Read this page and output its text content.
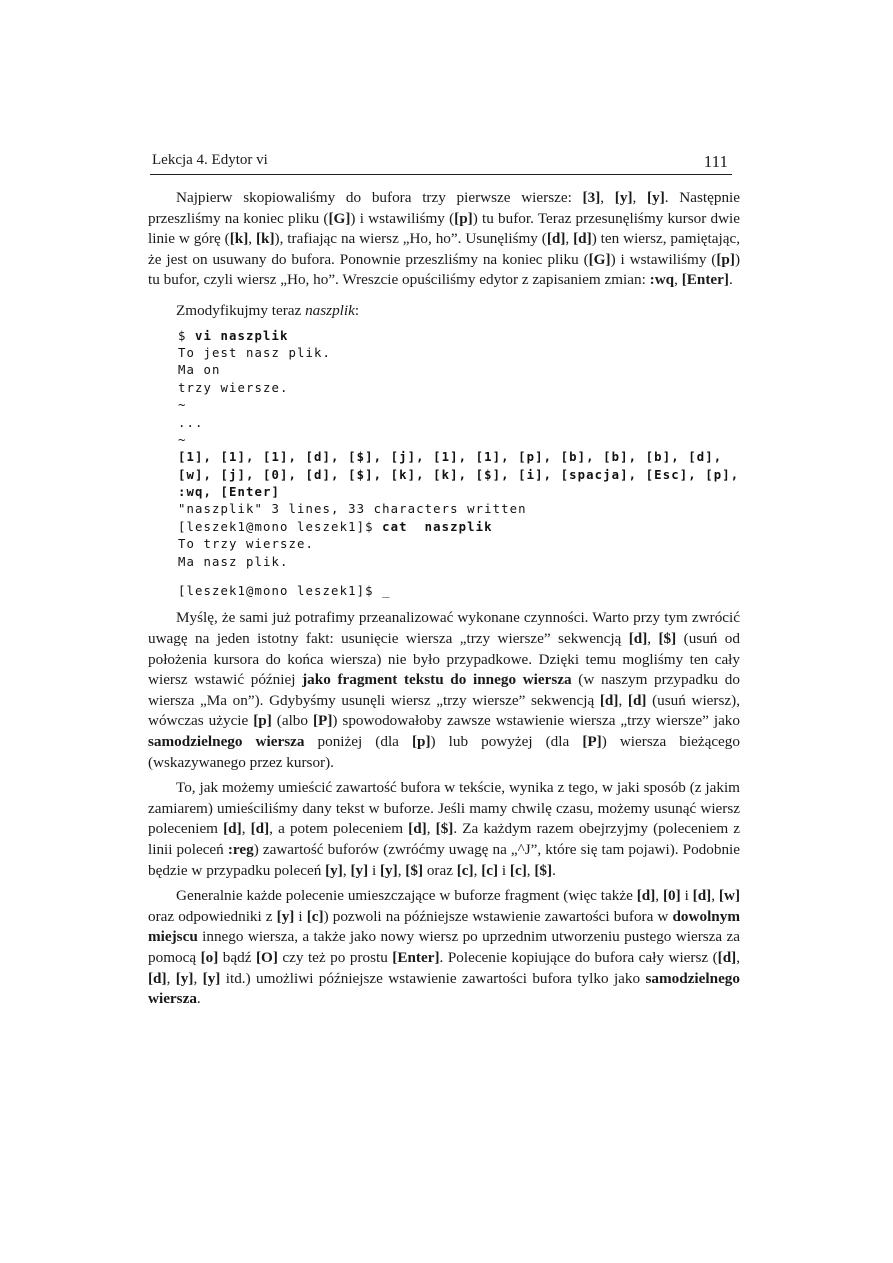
Lekcja 4. Edytor vi	111

Najpierw skopiowaliśmy do bufora trzy pierwsze wiersze: [3], [y], [y]. Następnie przeszliśmy na koniec pliku ([G]) i wstawiliśmy ([p]) tu bufor. Teraz przesunęliśmy kursor dwie linie w górę ([k], [k]), trafiając na wiersz „Ho, ho”. Usunęliśmy ([d], [d]) ten wiersz, pamiętając, że jest on usuwany do bufora. Ponownie przeszliśmy na koniec pliku ([G]) i wstawiliśmy ([p]) tu bufor, czyli wiersz „Ho, ho”. Wreszcie opuściliśmy edytor z zapisaniem zmian: :wq, [Enter].

Zmodyfikujmy teraz naszplik:

$ vi naszplik
To jest nasz plik.
Ma on
trzy wiersze.
~
...
~
[1], [1], [1], [d], [$], [j], [1], [1], [p], [b], [b], [b], [d],
[w], [j], [0], [d], [$], [k], [k], [$], [i], [spacja], [Esc], [p],
:wq, [Enter]
"naszplik" 3 lines, 33 characters written
[leszek1@mono leszek1]$ cat  naszplik
To trzy wiersze.
Ma nasz plik.
[leszek1@mono leszek1]$ _

Myślę, że sami już potrafimy przeanalizować wykonane czynności. Warto przy tym zwrócić uwagę na jeden istotny fakt: usunięcie wiersza „trzy wiersze” sekwencją [d], [$] (usuń od położenia kursora do końca wiersza) nie było przypadkowe. Dzięki temu mogliśmy ten cały wiersz wstawić później jako fragment tekstu do innego wiersza (w naszym przypadku do wiersza „Ma on”). Gdybyśmy usunęli wiersz „trzy wiersze” sekwencją [d], [d] (usuń wiersz), wówczas użycie [p] (albo [P]) spowodowałoby zawsze wstawienie wiersza „trzy wiersze” jako samodzielnego wiersza poniżej (dla [p]) lub powyżej (dla [P]) wiersza bieżącego (wskazywanego przez kursor).

To, jak możemy umieścić zawartość bufora w tekście, wynika z tego, w jaki sposób (z jakim zamiarem) umieściliśmy dany tekst w buforze. Jeśli mamy chwilę czasu, możemy usunąć wiersz poleceniem [d], [d], a potem poleceniem [d], [$]. Za każdym razem obejrzyjmy (poleceniem z linii poleceń :reg) zawartość buforów (zwróćmy uwagę na „^J”, które się tam pojawi). Podobnie będzie w przypadku poleceń [y], [y] i [y], [$] oraz [c], [c] i [c], [$].

Generalnie każde polecenie umieszczające w buforze fragment (więc także [d], [0] i [d], [w] oraz odpowiedniki z [y] i [c]) pozwoli na późniejsze wstawienie zawartości bufora w dowolnym miejscu innego wiersza, a także jako nowy wiersz po uprzednim utworzeniu pustego wiersza za pomocą [o] bądź [O] czy też po prostu [Enter]. Polecenie kopiujące do bufora cały wiersz ([d], [d], [y], [y] itd.) umożliwi późniejsze wstawienie zawartości bufora tylko jako samodzielnego wiersza.
